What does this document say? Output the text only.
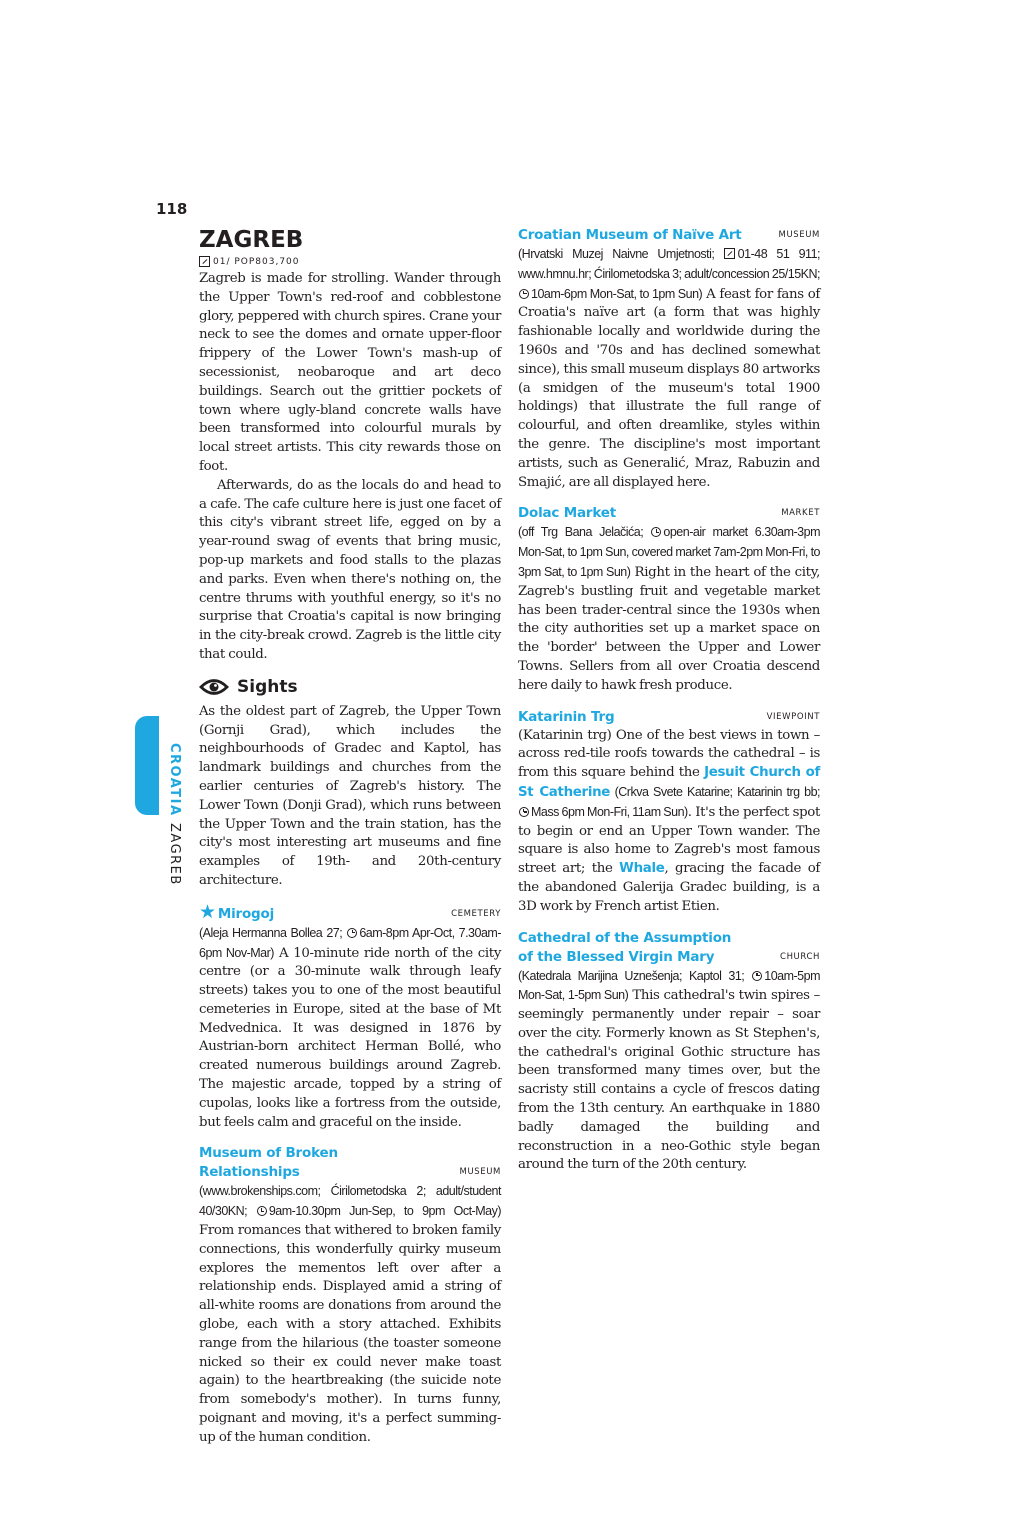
118
CROATIAZAGREB
ZAGREB
01 / POP 803,700

Zagreb is made for strolling. Wander through the Upper Town's red-roof and cobblestone glory, peppered with church spires. Crane your neck to see the domes and ornate upper-floor frippery of the Lower Town's mash-up of secessionist, neobaroque and art deco buildings. Search out the grittier pockets of town where ugly-bland concrete walls have been transformed into colourful murals by local street artists. This city rewards those on foot.

Afterwards, do as the locals do and head to a cafe. The cafe culture here is just one facet of this city's vibrant street life, egged on by a year-round swag of events that bring music, pop-up markets and food stalls to the plazas and parks. Even when there's nothing on, the centre thrums with youthful energy, so it's no surprise that Croatia's capital is now bringing in the city-break crowd. Zagreb is the little city that could.

Sights

As the oldest part of Zagreb, the Upper Town (Gornji Grad), which includes the neighbourhoods of Gradec and Kaptol, has landmark buildings and churches from the earlier centuries of Zagreb's history. The Lower Town (Donji Grad), which runs between the Upper Town and the train station, has the city's most interesting art museums and fine examples of 19th- and 20th-century architecture.

★ Mirogoj	CEMETERY

(Aleja Hermanna Bollea 27; 6am-8pm Apr-Oct, 7.30am-6pm Nov-Mar) A 10-minute ride north of the city centre (or a 30-minute walk through leafy streets) takes you to one of the most beautiful cemeteries in Europe, sited at the base of Mt Medvednica. It was designed in 1876 by Austrian-born architect Herman Bollé, who created numerous buildings around Zagreb. The majestic arcade, topped by a string of cupolas, looks like a fortress from the outside, but feels calm and graceful on the inside.

Museum of Broken
Relationships	MUSEUM

(www.brokenships.com; Ćirilometodska 2; adult/student 40/30KN; 9am-10.30pm Jun-Sep, to 9pm Oct-May) From romances that withered to broken family connections, this wonderfully quirky museum explores the mementos left over after a relationship ends. Displayed amid a string of all-white rooms are donations from around the globe, each with a story attached. Exhibits range from the hilarious (the toaster someone nicked so their ex could never make toast again) to the heartbreaking (the suicide note from somebody's mother). In turns funny, poignant and moving, it's a perfect summing-up of the human condition.

Croatian Museum of Naïve Art	MUSEUM

(Hrvatski Muzej Naivne Umjetnosti; 01-48 51 911; www.hmnu.hr; Ćirilometodska 3; adult/concession 25/15KN; 10am-6pm Mon-Sat, to 1pm Sun) A feast for fans of Croatia's naïve art (a form that was highly fashionable locally and worldwide during the 1960s and '70s and has declined somewhat since), this small museum displays 80 artworks (a smidgen of the museum's total 1900 holdings) that illustrate the full range of colourful, and often dreamlike, styles within the genre. The discipline's most important artists, such as Generalić, Mraz, Rabuzin and Smajić, are all displayed here.

Dolac Market	MARKET

(off Trg Bana Jelačića; open-air market 6.30am-3pm Mon-Sat, to 1pm Sun, covered market 7am-2pm Mon-Fri, to 3pm Sat, to 1pm Sun) Right in the heart of the city, Zagreb's bustling fruit and vegetable market has been trader-central since the 1930s when the city authorities set up a market space on the 'border' between the Upper and Lower Towns. Sellers from all over Croatia descend here daily to hawk fresh produce.

Katarinin Trg	VIEWPOINT

(Katarinin trg) One of the best views in town – across red-tile roofs towards the cathedral – is from this square behind the Jesuit Church of St Catherine (Crkva Svete Katarine; Katarinin trg bb; Mass 6pm Mon-Fri, 11am Sun). It's the perfect spot to begin or end an Upper Town wander. The square is also home to Zagreb's most famous street art; the Whale, gracing the facade of the abandoned Galerija Gradec building, is a 3D work by French artist Etien.

Cathedral of the Assumption
of the Blessed Virgin Mary	CHURCH

(Katedrala Marijina Uznešenja; Kaptol 31; 10am-5pm Mon-Sat, 1-5pm Sun) This cathedral's twin spires – seemingly permanently under repair – soar over the city. Formerly known as St Stephen's, the cathedral's original Gothic structure has been transformed many times over, but the sacristy still contains a cycle of frescos dating from the 13th century. An earthquake in 1880 badly damaged the building and reconstruction in a neo-Gothic style began around the turn of the 20th century.
